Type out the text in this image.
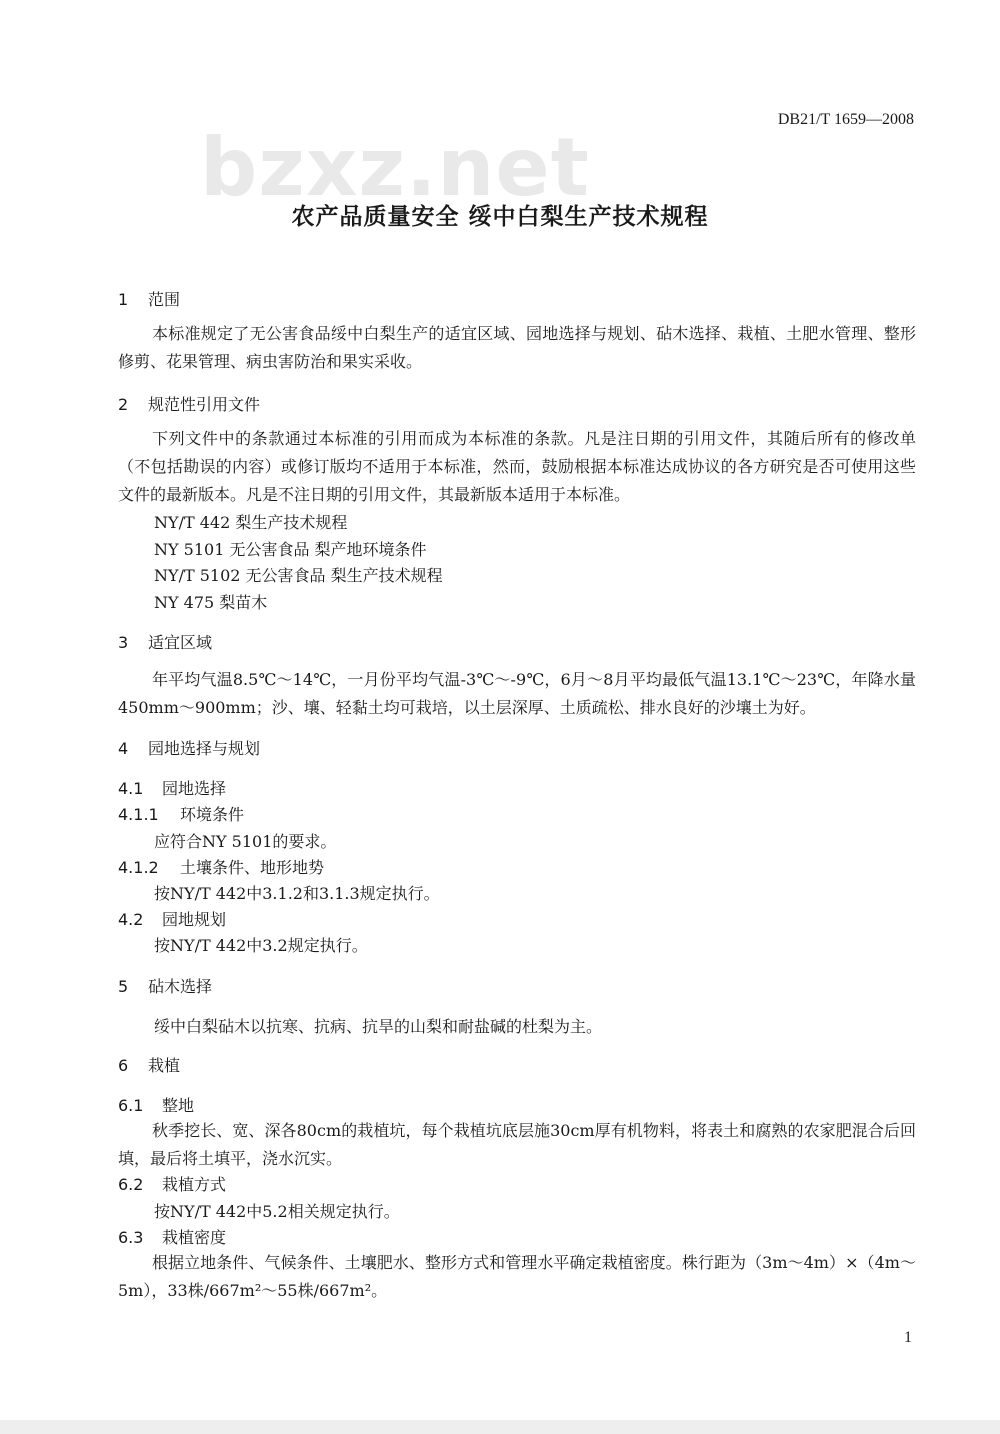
DB21/T 1659—2008
bzxz.net
农产品质量安全 绥中白梨生产技术规程
1 范围
本标准规定了无公害食品绥中白梨生产的适宜区域、园地选择与规划、砧木选择、栽植、土肥水管理、整形修剪、花果管理、病虫害防治和果实采收。
2 规范性引用文件
下列文件中的条款通过本标准的引用而成为本标准的条款。凡是注日期的引用文件，其随后所有的修改单（不包括勘误的内容）或修订版均不适用于本标准，然而，鼓励根据本标准达成协议的各方研究是否可使用这些文件的最新版本。凡是不注日期的引用文件，其最新版本适用于本标准。
NY/T 442 梨生产技术规程
NY 5101 无公害食品 梨产地环境条件
NY/T 5102 无公害食品 梨生产技术规程
NY 475 梨苗木
3 适宜区域
年平均气温8.5℃～14℃，一月份平均气温-3℃～-9℃，6月～8月平均最低气温13.1℃～23℃，年降水量450mm～900mm；沙、壤、轻黏土均可栽培，以土层深厚、土质疏松、排水良好的沙壤土为好。
4 园地选择与规划
4.1 园地选择
4.1.1 环境条件
应符合NY 5101的要求。
4.1.2 土壤条件、地形地势
按NY/T 442中3.1.2和3.1.3规定执行。
4.2 园地规划
按NY/T 442中3.2规定执行。
5 砧木选择
绥中白梨砧木以抗寒、抗病、抗旱的山梨和耐盐碱的杜梨为主。
6 栽植
6.1 整地
秋季挖长、宽、深各80cm的栽植坑，每个栽植坑底层施30cm厚有机物料，将表土和腐熟的农家肥混合后回填，最后将土填平，浇水沉实。
6.2 栽植方式
按NY/T 442中5.2相关规定执行。
6.3 栽植密度
根据立地条件、气候条件、土壤肥水、整形方式和管理水平确定栽植密度。株行距为（3m～4m）×（4m～5m），33株/667m²～55株/667m²。
1
